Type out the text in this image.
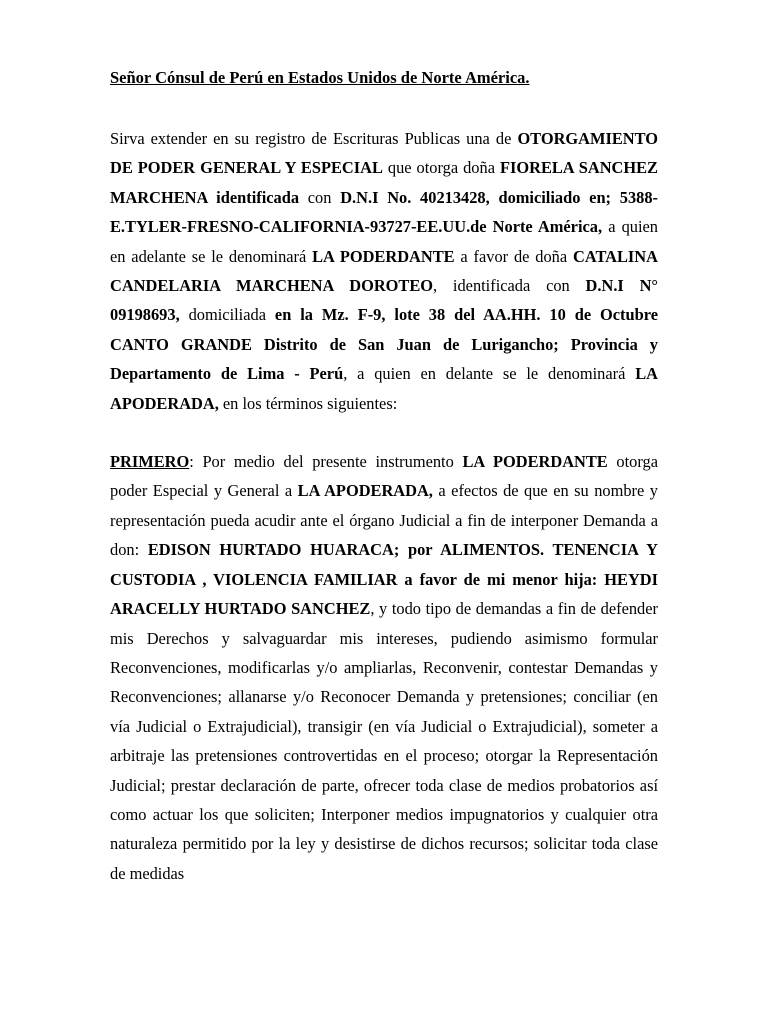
Señor Cónsul de Perú en Estados Unidos de Norte América.

Sirva extender en su registro de Escrituras Publicas una de OTORGAMIENTO DE PODER GENERAL Y ESPECIAL que otorga doña FIORELA SANCHEZ MARCHENA identificada con D.N.I No. 40213428, domiciliado en; 5388-E.TYLER-FRESNO-CALIFORNIA-93727-EE.UU.de Norte América, a quien en adelante se le denominará LA PODERDANTE a favor de doña CATALINA CANDELARIA MARCHENA DOROTEO, identificada con D.N.I N° 09198693, domiciliada en la Mz. F-9, lote 38 del AA.HH. 10 de Octubre CANTO GRANDE Distrito de San Juan de Lurigancho; Provincia y Departamento de Lima - Perú, a quien en delante se le denominará LA APODERADA, en los términos siguientes:

PRIMERO: Por medio del presente instrumento LA PODERDANTE otorga poder Especial y General a LA APODERADA, a efectos de que en su nombre y representación pueda acudir ante el órgano Judicial a fin de interponer Demanda a don: EDISON HURTADO HUARACA; por ALIMENTOS. TENENCIA Y CUSTODIA , VIOLENCIA FAMILIAR a favor de mi menor hija: HEYDI ARACELLY HURTADO SANCHEZ, y todo tipo de demandas a fin de defender mis Derechos y salvaguardar mis intereses, pudiendo asimismo formular Reconvenciones, modificarlas y/o ampliarlas, Reconvenir, contestar Demandas y Reconvenciones; allanarse y/o Reconocer Demanda y pretensiones; conciliar (en vía Judicial o Extrajudicial), transigir (en vía Judicial o Extrajudicial), someter a arbitraje las pretensiones controvertidas en el proceso; otorgar la Representación Judicial; prestar declaración de parte, ofrecer toda clase de medios probatorios así como actuar los que soliciten; Interponer medios impugnatorios y cualquier otra naturaleza permitido por la ley y desistirse de dichos recursos; solicitar toda clase de medidas
